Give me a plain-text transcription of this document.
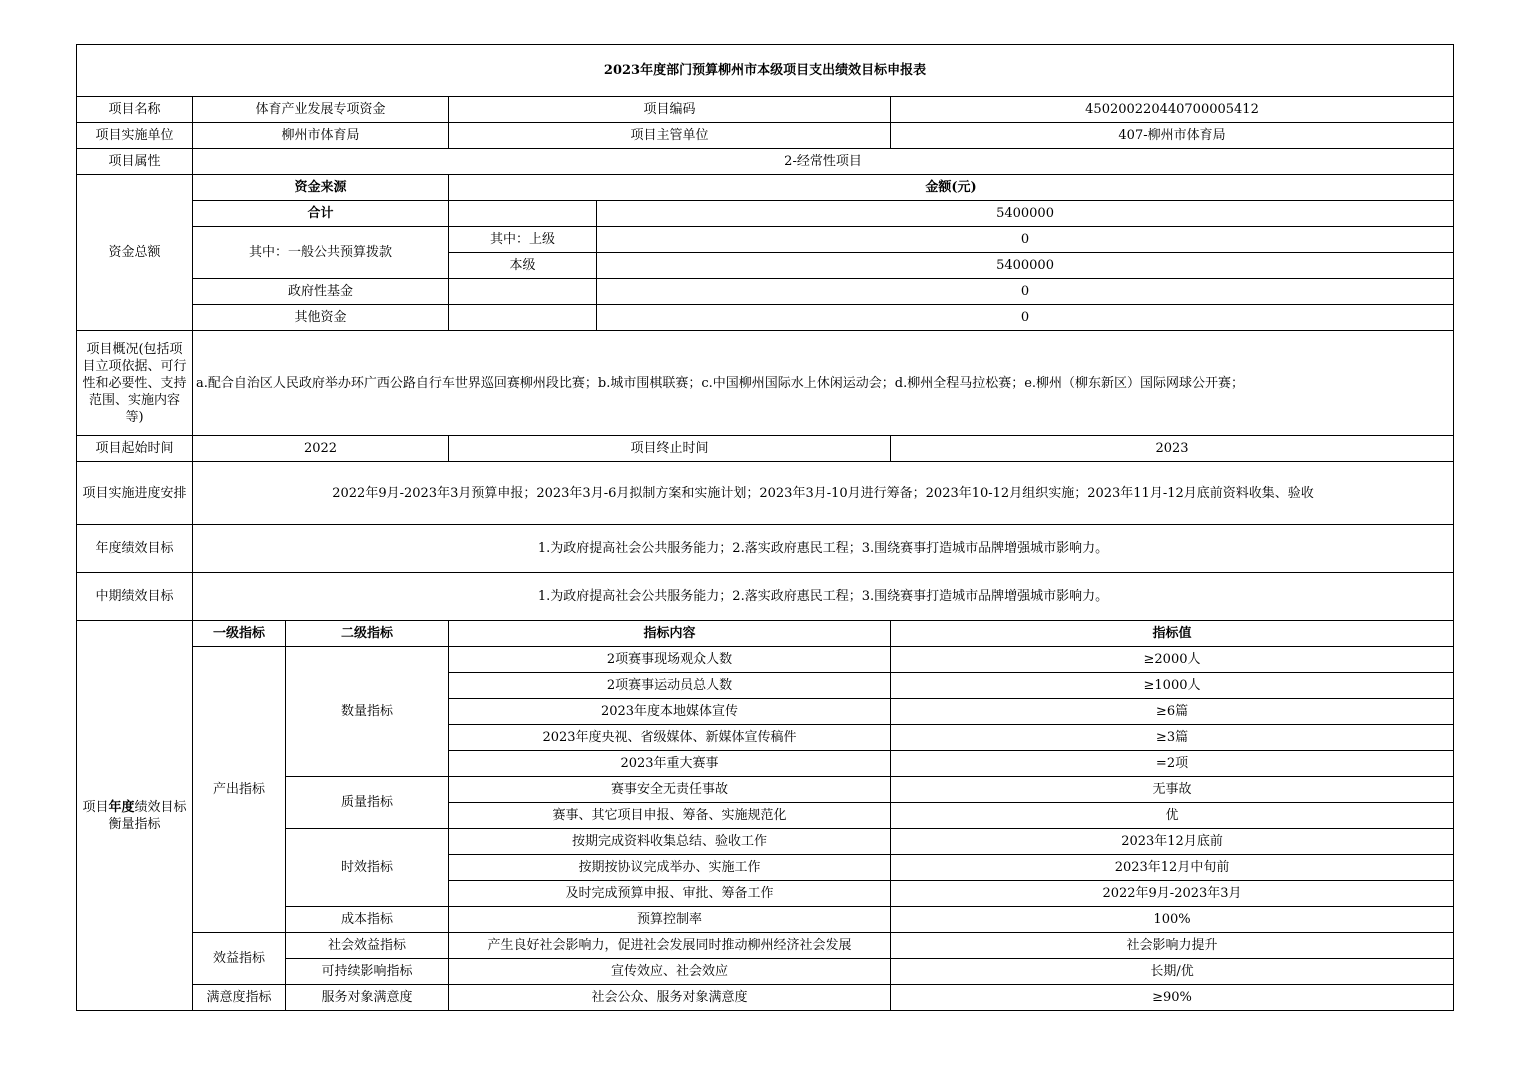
2023年度部门预算柳州市本级项目支出绩效目标申报表					
项目名称	体育产业发展专项资金		项目编码		450200220440700005412
项目实施单位	柳州市体育局		项目主管单位		407-柳州市体育局
项目属性	2-经常性项目				
资金总额	资金来源		金额(元)		
	合计			5400000	
	其中：一般公共预算拨款		其中：上级	0	
			本级	5400000	
	政府性基金			0	
	其他资金			0	
项目概况(包括项目立项依据、可行性和必要性、支持范围、实施内容等)	a.配合自治区人民政府举办环广西公路自行车世界巡回赛柳州段比赛；b.城市围棋联赛；c.中国柳州国际水上休闲运动会；d.柳州全程马拉松赛；e.柳州（柳东新区）国际网球公开赛；				
项目起始时间	2022		项目终止时间		2023
项目实施进度安排	2022年9月-2023年3月预算申报；2023年3月-6月拟制方案和实施计划；2023年3月-10月进行筹备；2023年10-12月组织实施；2023年11月-12月底前资料收集、验收				
年度绩效目标	1.为政府提高社会公共服务能力；2.落实政府惠民工程；3.围绕赛事打造城市品牌增强城市影响力。				
中期绩效目标	1.为政府提高社会公共服务能力；2.落实政府惠民工程；3.围绕赛事打造城市品牌增强城市影响力。				
项目年度绩效目标衡量指标	一级指标	二级指标	指标内容		指标值
	产出指标	数量指标	2项赛事现场观众人数		≥2000人
			2项赛事运动员总人数		≥1000人
			2023年度本地媒体宣传		≥6篇
			2023年度央视、省级媒体、新媒体宣传稿件		≥3篇
			2023年重大赛事		=2项
		质量指标	赛事安全无责任事故		无事故
			赛事、其它项目申报、筹备、实施规范化		优
		时效指标	按期完成资料收集总结、验收工作		2023年12月底前
			按期按协议完成举办、实施工作		2023年12月中旬前
			及时完成预算申报、审批、筹备工作		2022年9月-2023年3月
		成本指标	预算控制率		100%
	效益指标	社会效益指标	产生良好社会影响力，促进社会发展同时推动柳州经济社会发展		社会影响力提升
		可持续影响指标	宣传效应、社会效应		长期/优
	满意度指标	服务对象满意度	社会公众、服务对象满意度		≥90%
